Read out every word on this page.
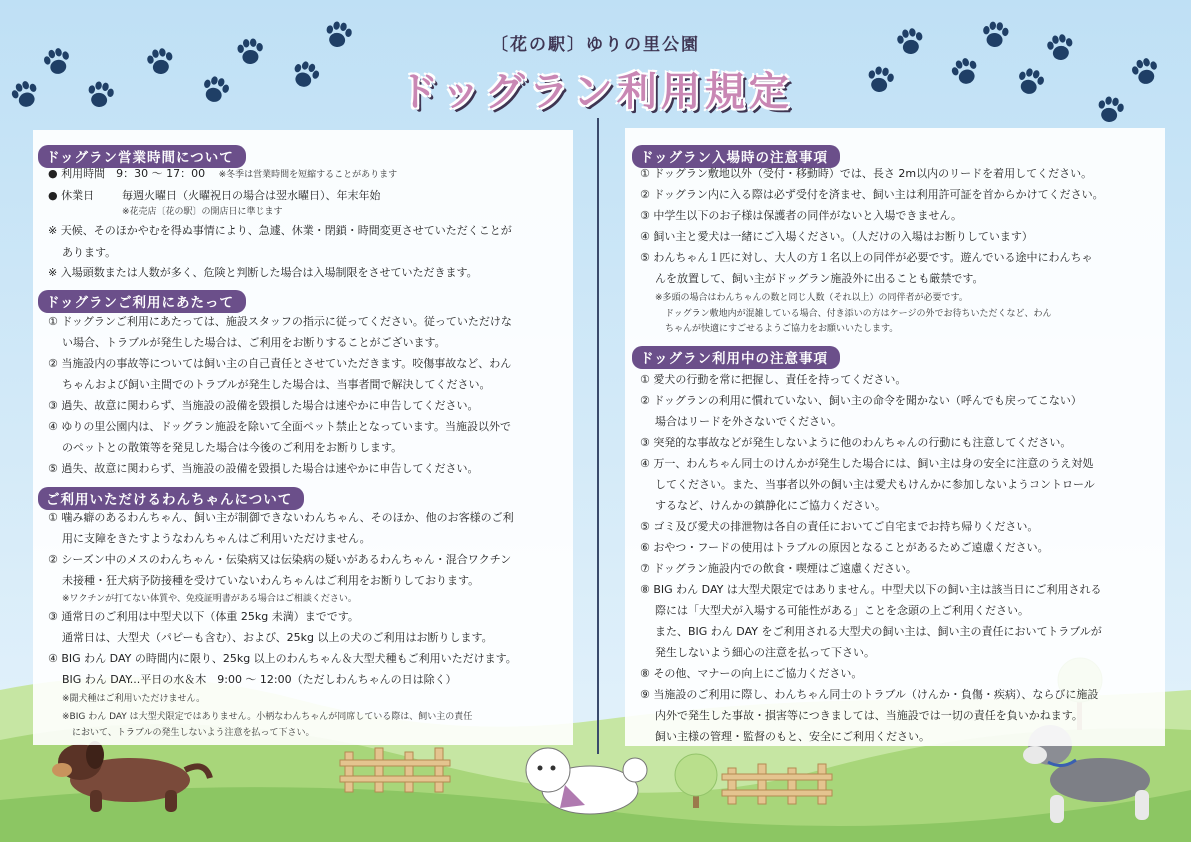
〔花の駅〕ゆりの里公園
ドッグラン利用規定
ドッグラン営業時間について
● 利用時間　9：30 〜 17：00 ※冬季は営業時間を短縮することがあります
● 休業日	毎週火曜日（火曜祝日の場合は翌水曜日）、年末年始
※花売店〔花の駅〕の開店日に準じます
※ 天候、そのほかやむを得ぬ事情により、急遽、休業・閉鎖・時間変更させていただくことが
あります。
※ 入場頭数または人数が多く、危険と判断した場合は入場制限をさせていただきます。
ドッグランご利用にあたって
① ドッグランご利用にあたっては、施設スタッフの指示に従ってください。従っていただけな
い場合、トラブルが発生した場合は、ご利用をお断りすることがございます。
② 当施設内の事故等については飼い主の自己責任とさせていただきます。咬傷事故など、わん
ちゃんおよび飼い主間でのトラブルが発生した場合は、当事者間で解決してください。
③ 過失、故意に関わらず、当施設の設備を毀損した場合は速やかに申告してください。
④ ゆりの里公園内は、ドッグラン施設を除いて全面ペット禁止となっています。当施設以外で
のペットとの散策等を発見した場合は今後のご利用をお断りします。
⑤ 過失、故意に関わらず、当施設の設備を毀損した場合は速やかに申告してください。
ご利用いただけるわんちゃんについて
① 噛み癖のあるわんちゃん、飼い主が制御できないわんちゃん、そのほか、他のお客様のご利
用に支障をきたすようなわんちゃんはご利用いただけません。
② シーズン中のメスのわんちゃん・伝染病又は伝染病の疑いがあるわんちゃん・混合ワクチン
未接種・狂犬病予防接種を受けていないわんちゃんはご利用をお断りしております。
※ワクチンが打てない体質や、免疫証明書がある場合はご相談ください。
③ 通常日のご利用は中型犬以下（体重 25kg 未満）までです。
通常日は、大型犬（パピーも含む）、および、25kg 以上の犬のご利用はお断りします。
④ BIG わん DAY の時間内に限り、25kg 以上のわんちゃん＆大型犬種もご利用いただけます。
BIG わん DAY...平日の水＆木　9:00 〜 12:00（ただしわんちゃんの日は除く）
※闘犬種はご利用いただけません。
※BIG わん DAY は大型犬限定ではありません。小柄なわんちゃんが同席している際は、飼い主の責任
において、トラブルの発生しないよう注意を払って下さい。
ドッグラン入場時の注意事項
① ドッグラン敷地以外（受付・移動時）では、長さ 2m以内のリードを着用してください。
② ドッグラン内に入る際は必ず受付を済ませ、飼い主は利用許可証を首からかけてください。
③ 中学生以下のお子様は保護者の同伴がないと入場できません。
④ 飼い主と愛犬は一緒にご入場ください。（人だけの入場はお断りしています）
⑤ わんちゃん１匹に対し、大人の方１名以上の同伴が必要です。遊んでいる途中にわんちゃ
んを放置して、飼い主がドッグラン施設外に出ることも厳禁です。
※多頭の場合はわんちゃんの数と同じ人数（それ以上）の同伴者が必要です。
ドッグラン敷地内が混雑している場合、付き添いの方はケージの外でお待ちいただくなど、わん
ちゃんが快適にすごせるようご協力をお願いいたします。
ドッグラン利用中の注意事項
① 愛犬の行動を常に把握し、責任を持ってください。
② ドッグランの利用に慣れていない、飼い主の命令を聞かない（呼んでも戻ってこない）
場合はリードを外さないでください。
③ 突発的な事故などが発生しないように他のわんちゃんの行動にも注意してください。
④ 万一、わんちゃん同士のけんかが発生した場合には、飼い主は身の安全に注意のうえ対処
してください。また、当事者以外の飼い主は愛犬もけんかに参加しないようコントロール
するなど、けんかの鎮静化にご協力ください。
⑤ ゴミ及び愛犬の排泄物は各自の責任においてご自宅までお持ち帰りください。
⑥ おやつ・フードの使用はトラブルの原因となることがあるためご遠慮ください。
⑦ ドッグラン施設内での飲食・喫煙はご遠慮ください。
⑧ BIG わん DAY は大型犬限定ではありません。中型犬以下の飼い主は該当日にご利用される
際には「大型犬が入場する可能性がある」ことを念頭の上ご利用ください。
また、BIG わん DAY をご利用される大型犬の飼い主は、飼い主の責任においてトラブルが
発生しないよう細心の注意を払って下さい。
⑧ その他、マナーの向上にご協力ください。
⑨ 当施設のご利用に際し、わんちゃん同士のトラブル（けんか・負傷・疾病）、ならびに施設
内外で発生した事故・損害等につきましては、当施設では一切の責任を負いかねます。
飼い主様の管理・監督のもと、安全にご利用ください。
